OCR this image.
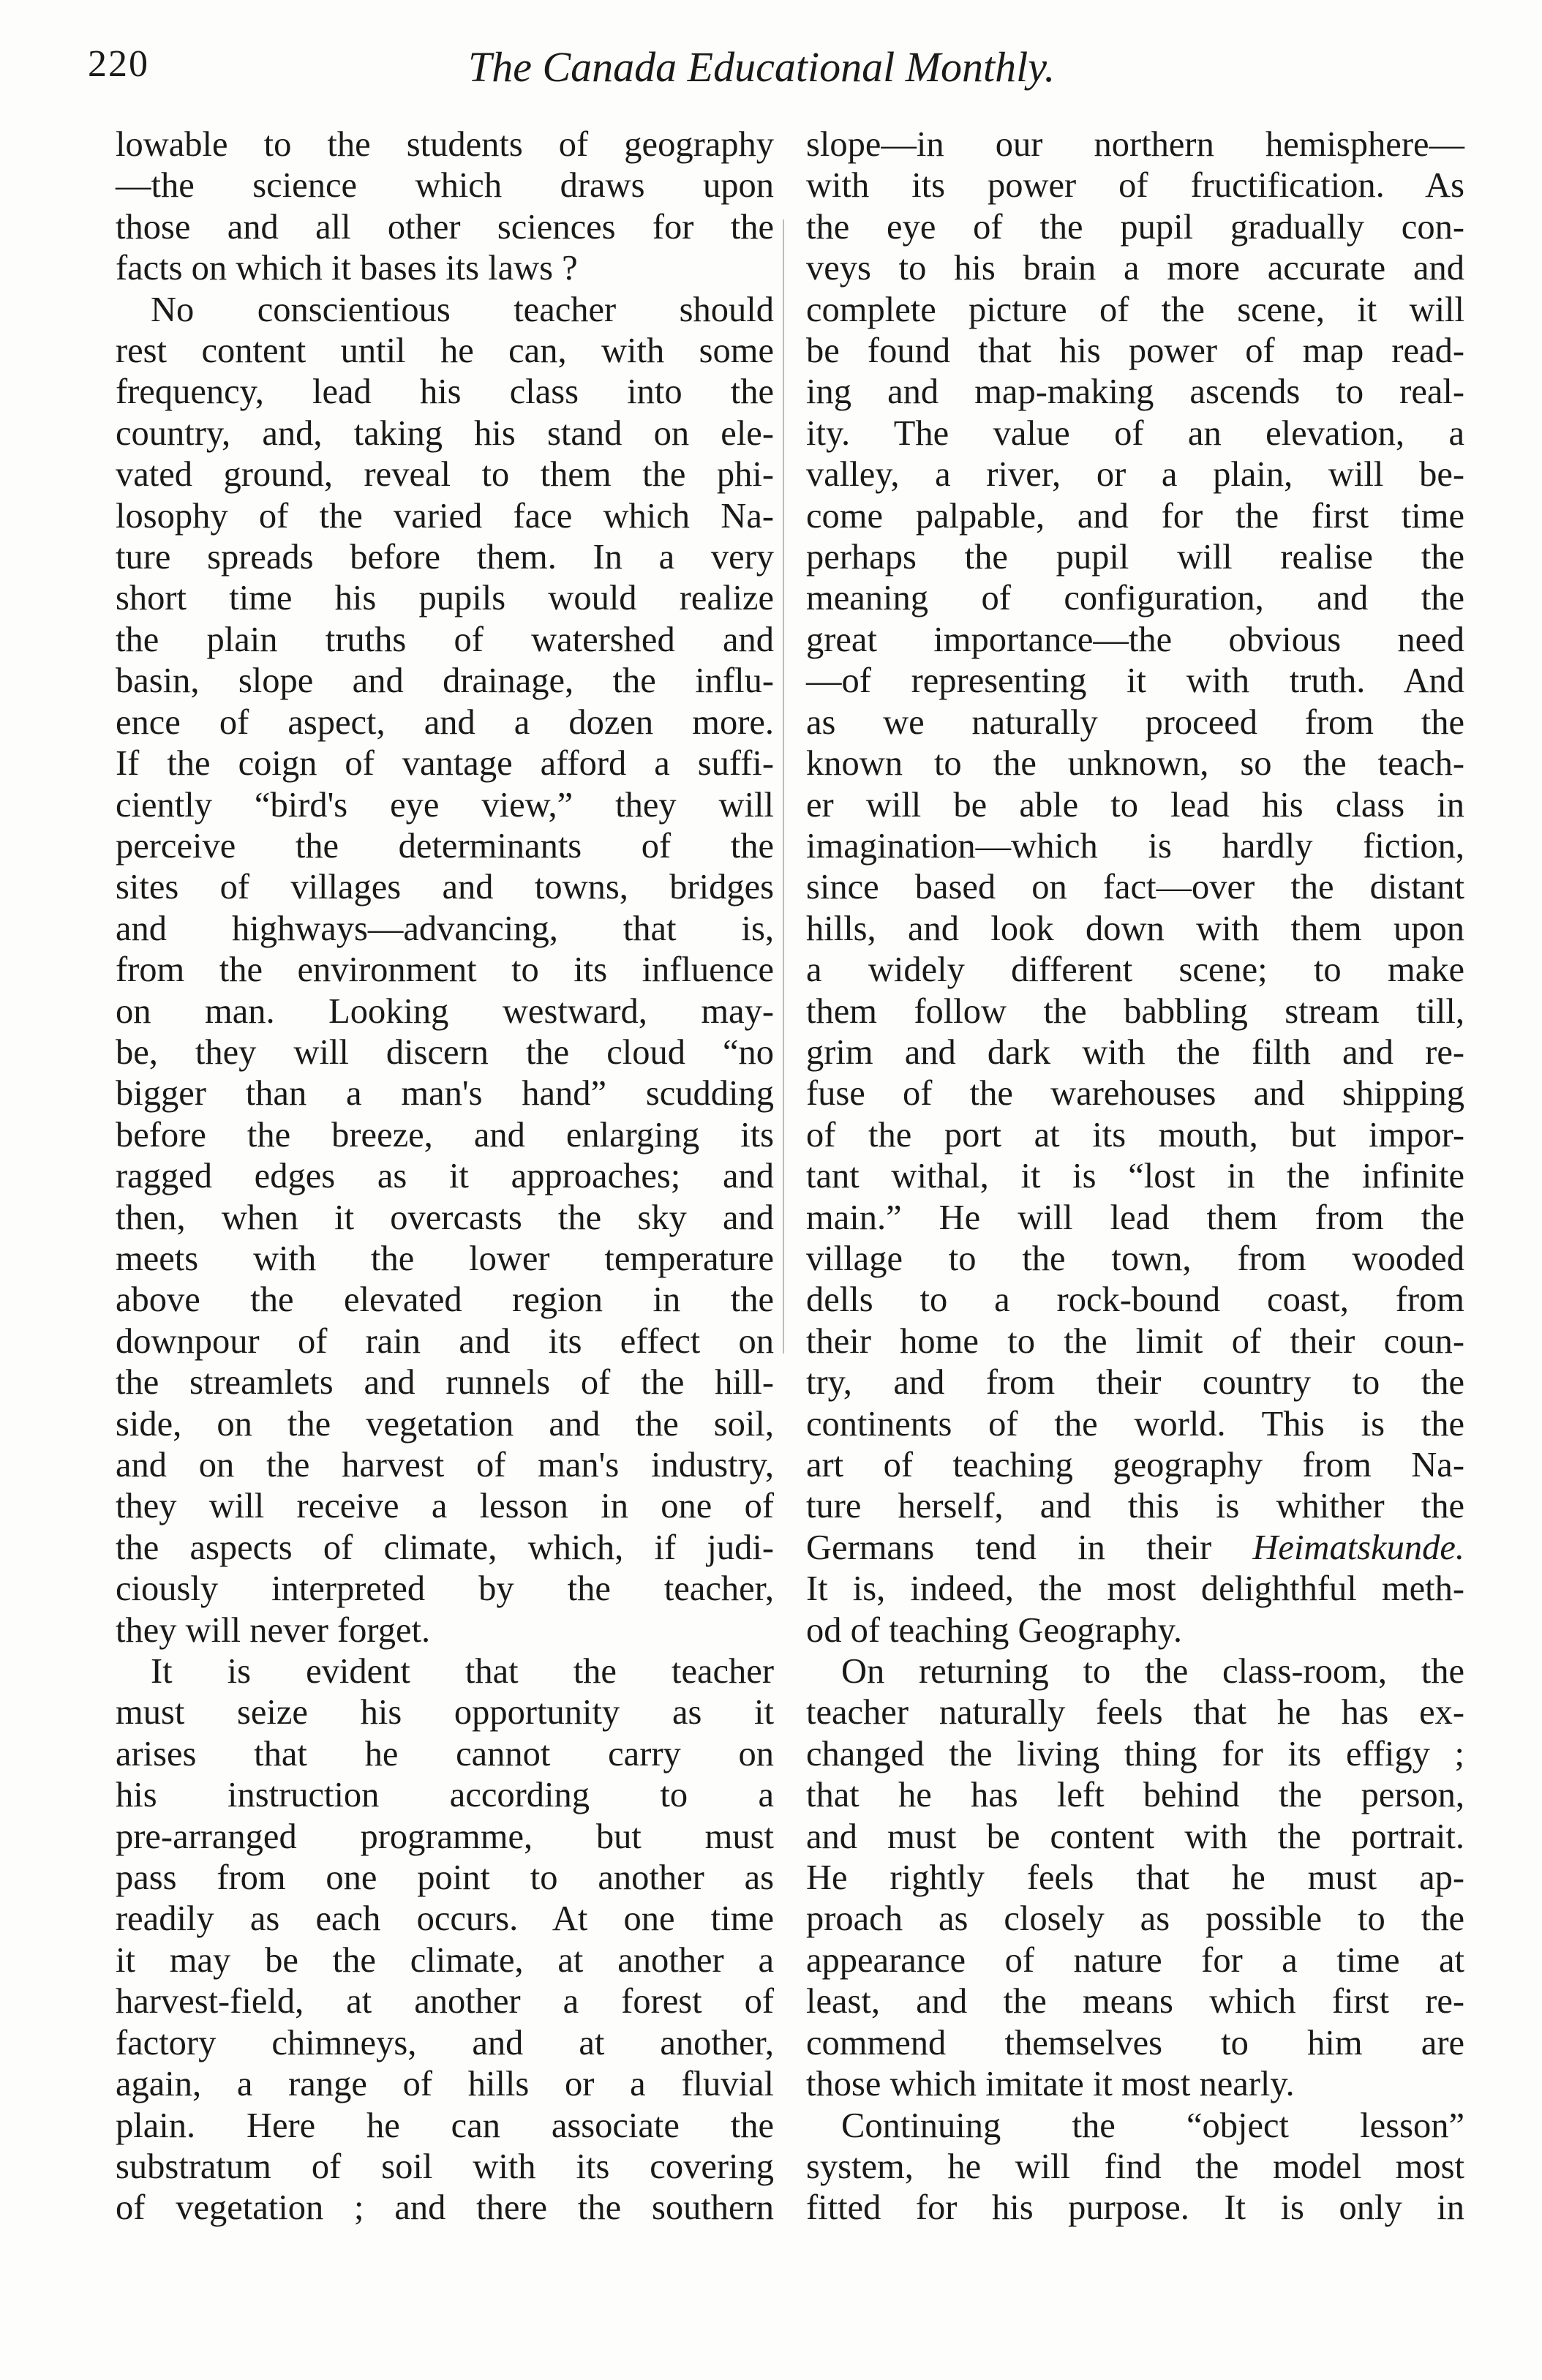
220	The Canada Educational Monthly.

lowable to the students of geography

—the science which draws upon

those and all other sciences for the

facts on which it bases its laws ?

No conscientious teacher should

rest content until he can, with some

frequency, lead his class into the

country, and, taking his stand on ele-

vated ground, reveal to them the phi-

losophy of the varied face which Na-

ture spreads before them. In a very

short time his pupils would realize

the plain truths of watershed and

basin, slope and drainage, the influ-

ence of aspect, and a dozen more.

If the coign of vantage afford a suffi-

ciently “bird's eye view,” they will

perceive the determinants of the

sites of villages and towns, bridges

and highways—advancing, that is,

from the environment to its influence

on man. Looking westward, may-

be, they will discern the cloud “no

bigger than a man's hand” scudding

before the breeze, and enlarging its

ragged edges as it approaches; and

then, when it overcasts the sky and

meets with the lower temperature

above the elevated region in the

downpour of rain and its effect on

the streamlets and runnels of the hill-

side, on the vegetation and the soil,

and on the harvest of man's industry,

they will receive a lesson in one of

the aspects of climate, which, if judi-

ciously interpreted by the teacher,

they will never forget.

It is evident that the teacher

must seize his opportunity as it

arises that he cannot carry on

his instruction according to a

pre-arranged programme, but must

pass from one point to another as

readily as each occurs. At one time

it may be the climate, at another a

harvest-field, at another a forest of

factory chimneys, and at another,

again, a range of hills or a fluvial

plain. Here he can associate the

substratum of soil with its covering

of vegetation ; and there the southern

slope—in our northern hemisphere—

with its power of fructification. As

the eye of the pupil gradually con-

veys to his brain a more accurate and

complete picture of the scene, it will

be found that his power of map read-

ing and map-making ascends to real-

ity. The value of an elevation, a

valley, a river, or a plain, will be-

come palpable, and for the first time

perhaps the pupil will realise the

meaning of configuration, and the

great importance—the obvious need

—of representing it with truth. And

as we naturally proceed from the

known to the unknown, so the teach-

er will be able to lead his class in

imagination—which is hardly fiction,

since based on fact—over the distant

hills, and look down with them upon

a widely different scene; to make

them follow the babbling stream till,

grim and dark with the filth and re-

fuse of the warehouses and shipping

of the port at its mouth, but impor-

tant withal, it is “lost in the infinite

main.” He will lead them from the

village to the town, from wooded

dells to a rock-bound coast, from

their home to the limit of their coun-

try, and from their country to the

continents of the world. This is the

art of teaching geography from Na-

ture herself, and this is whither the

Germans tend in their Heimatskunde.

It is, indeed, the most delighthful meth-

od of teaching Geography.

On returning to the class-room, the

teacher naturally feels that he has ex-

changed the living thing for its effigy ;

that he has left behind the person,

and must be content with the portrait.

He rightly feels that he must ap-

proach as closely as possible to the

appearance of nature for a time at

least, and the means which first re-

commend themselves to him are

those which imitate it most nearly.

Continuing the “object lesson”

system, he will find the model most

fitted for his purpose. It is only in
